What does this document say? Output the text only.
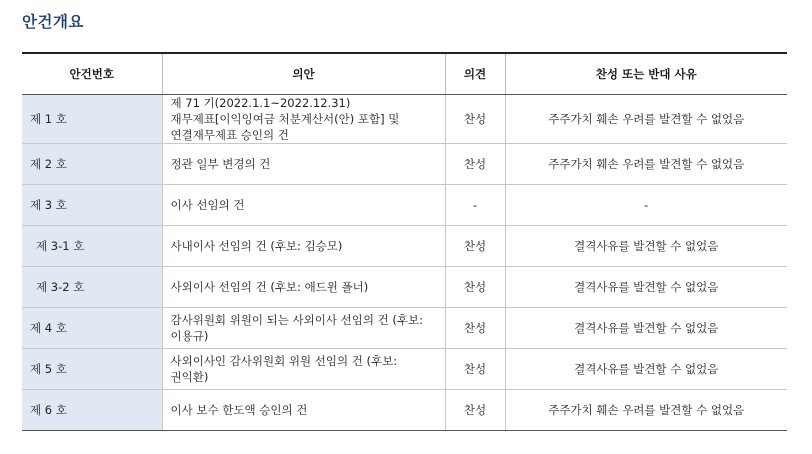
안건개요
안건번호	의안	의견	찬성 또는 반대 사유
제 1 호	제 71 기(2022.1.1~2022.12.31)
재무제표[이익잉여금 처분계산서(안) 포함] 및
연결재무제표 승인의 건	찬성	주주가치 훼손 우려를 발견할 수 없었음
제 2 호	정관 일부 변경의 건	찬성	주주가치 훼손 우려를 발견할 수 없었음
제 3 호	이사 선임의 건	-	-
제 3-1 호	사내이사 선임의 건 (후보: 김승모)	찬성	결격사유를 발견할 수 없었음
제 3-2 호	사외이사 선임의 건 (후보: 애드윈 폴너)	찬성	결격사유를 발견할 수 없었음
제 4 호	감사위원회 위원이 되는 사외이사 선임의 건 (후보:
이용규)	찬성	결격사유를 발견할 수 없었음
제 5 호	사외이사인 감사위원회 위원 선임의 건 (후보:
권익환)	찬성	결격사유를 발견할 수 없었음
제 6 호	이사 보수 한도액 승인의 건	찬성	주주가치 훼손 우려를 발견할 수 없었음
